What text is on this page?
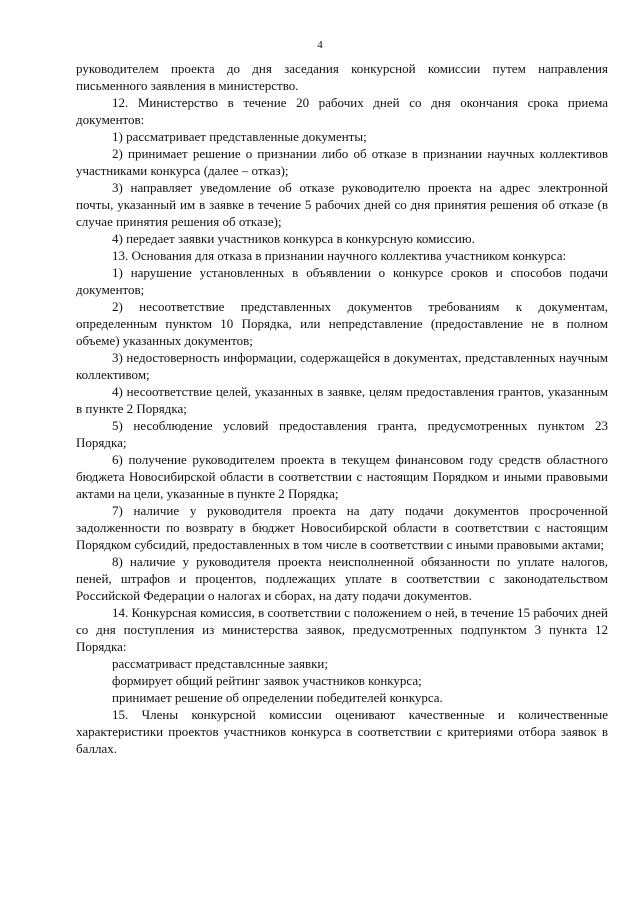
4

руководителем проекта до дня заседания конкурсной комиссии путем направления письменного заявления в министерство.

12. Министерство в течение 20 рабочих дней со дня окончания срока приема документов:

1) рассматривает представленные документы;

2) принимает решение о признании либо об отказе в признании научных коллективов участниками конкурса (далее – отказ);

3) направляет уведомление об отказе руководителю проекта на адрес электронной почты, указанный им в заявке в течение 5 рабочих дней со дня принятия решения об отказе (в случае принятия решения об отказе);

4) передает заявки участников конкурса в конкурсную комиссию.

13. Основания для отказа в признании научного коллектива участником конкурса:

1) нарушение установленных в объявлении о конкурсе сроков и способов подачи документов;

2) несоответствие представленных документов требованиям к документам, определенным пунктом 10 Порядка, или непредставление (предоставление не в полном объеме) указанных документов;

3) недостоверность информации, содержащейся в документах, представленных научным коллективом;

4) несоответствие целей, указанных в заявке, целям предоставления грантов, указанным в пункте 2 Порядка;

5) несоблюдение условий предоставления гранта, предусмотренных пунктом 23 Порядка;

6) получение руководителем проекта в текущем финансовом году средств областного бюджета Новосибирской области в соответствии с настоящим Порядком и иными правовыми актами на цели, указанные в пункте 2 Порядка;

7) наличие у руководителя проекта на дату подачи документов просроченной задолженности по возврату в бюджет Новосибирской области в соответствии с настоящим Порядком субсидий, предоставленных в том числе в соответствии с иными правовыми актами;

8) наличие у руководителя проекта неисполненной обязанности по уплате налогов, пеней, штрафов и процентов, подлежащих уплате в соответствии с законодательством Российской Федерации о налогах и сборах, на дату подачи документов.

14. Конкурсная комиссия, в соответствии с положением о ней, в течение 15 рабочих дней со дня поступления из министерства заявок, предусмотренных подпунктом 3 пункта 12 Порядка:

рассматриваст представлснные заявки;

формирует общий рейтинг заявок участников конкурса;

принимает решение об определении победителей конкурса.

15. Члены конкурсной комиссии оценивают качественные и количественные характеристики проектов участников конкурса в соответствии с критериями отбора заявок в баллах.
